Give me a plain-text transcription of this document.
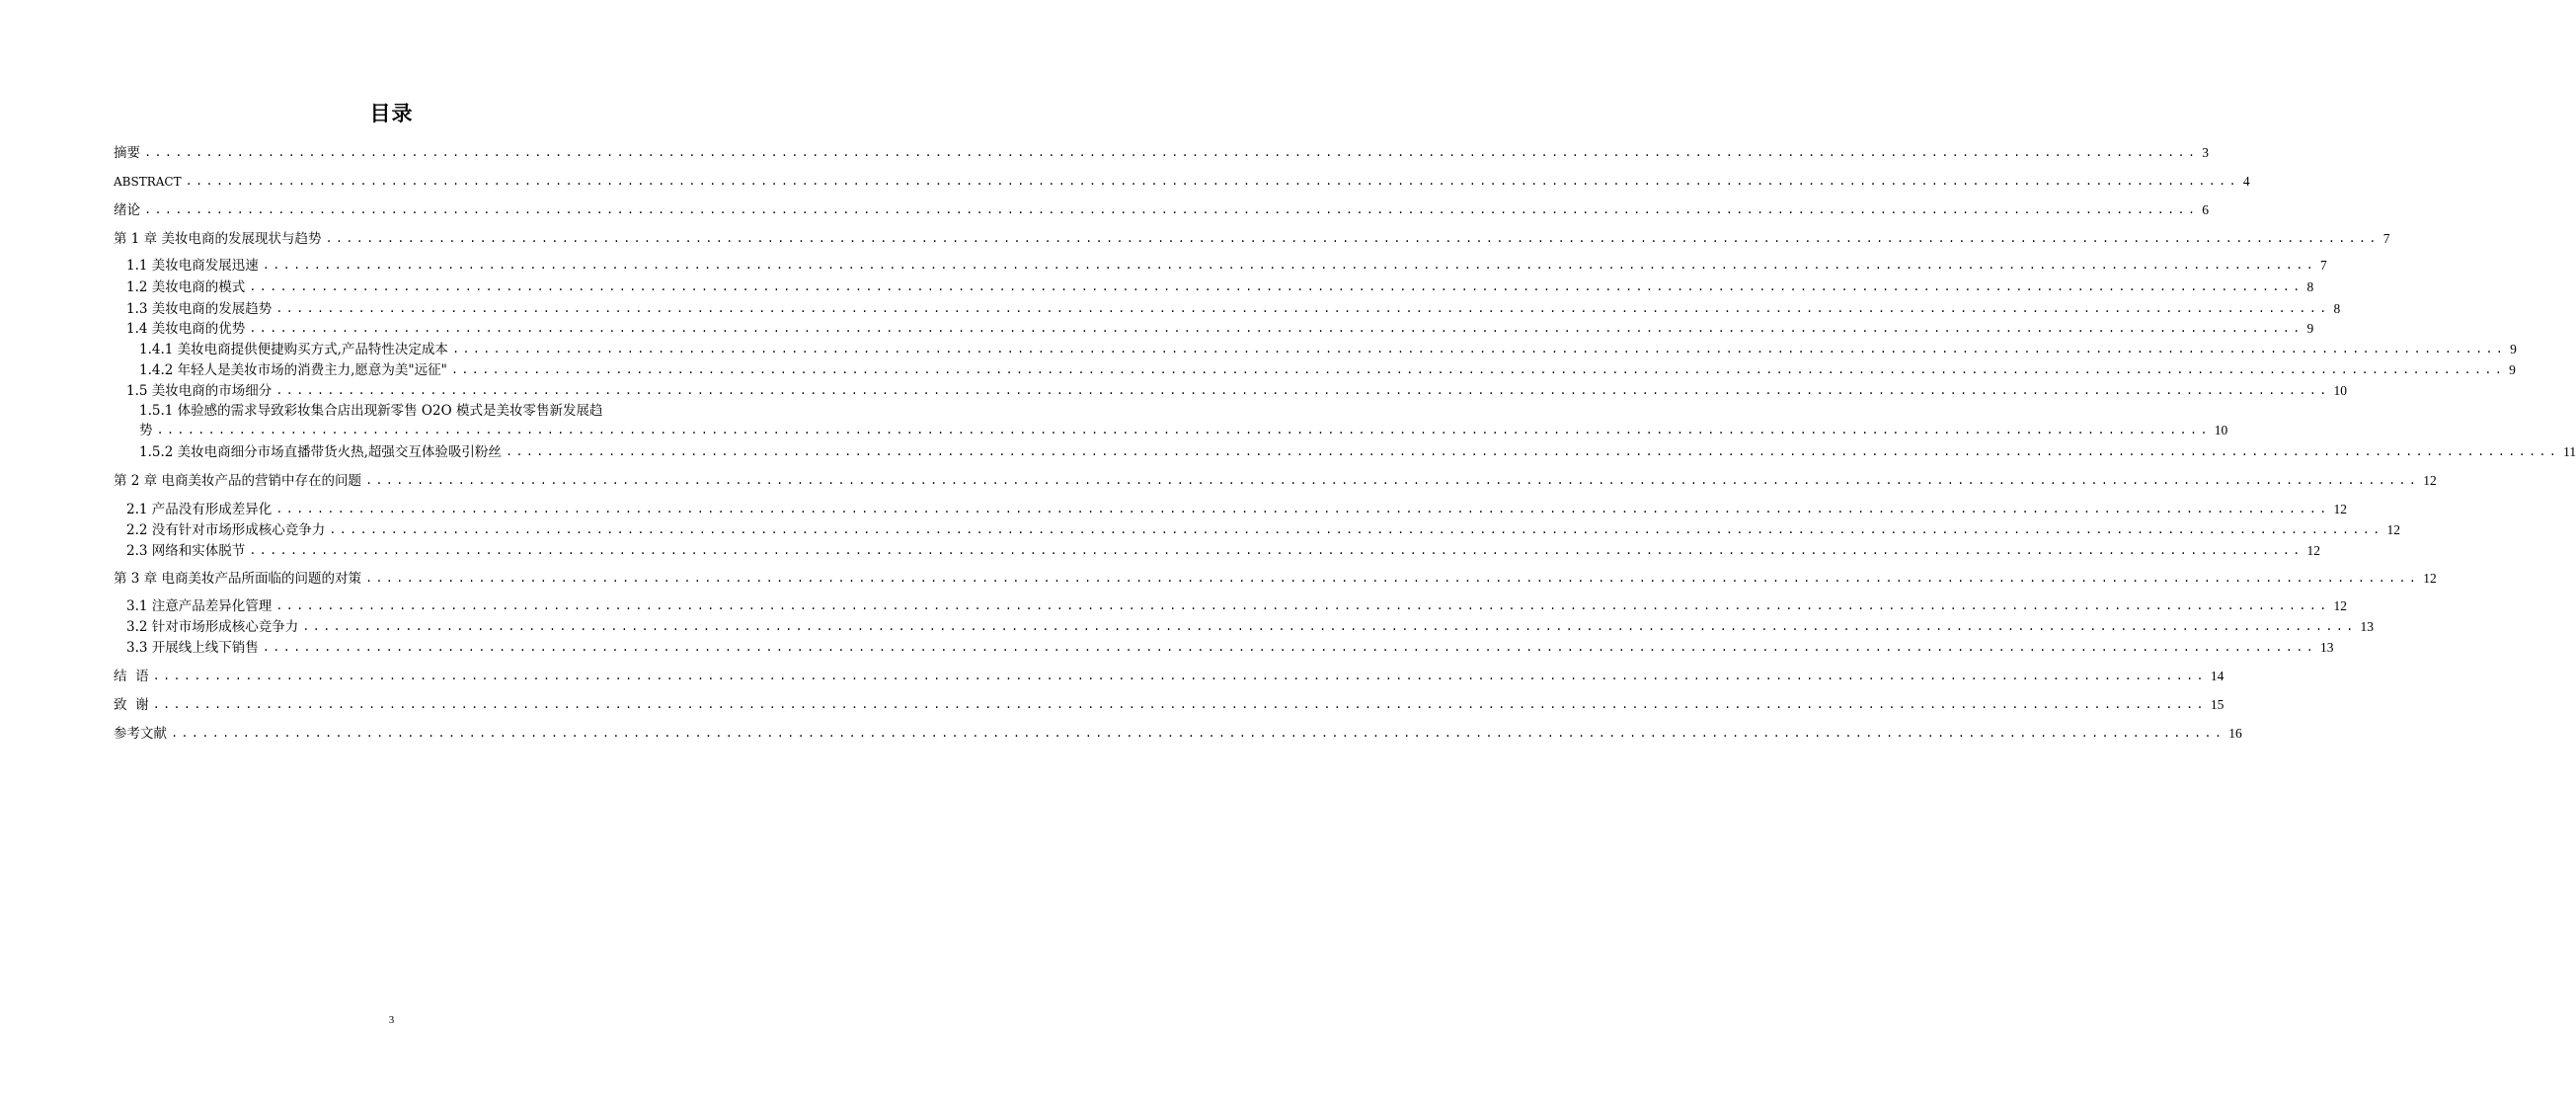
目录
摘要 ........................................................................................................................................................................................................ 3
ABSTRACT ........................................................................................................................................................................................................ 4
绪论 ........................................................................................................................................................................................................ 6
第 1 章 美妆电商的发展现状与趋势 ........................................................................................................................................................................................................ 7
1.1 美妆电商发展迅速 ........................................................................................................................................................................................................ 7
1.2 美妆电商的模式 ........................................................................................................................................................................................................ 8
1.3 美妆电商的发展趋势 ........................................................................................................................................................................................................ 8
1.4 美妆电商的优势 ........................................................................................................................................................................................................ 9
1.4.1 美妆电商提供便捷购买方式,产品特性决定成本 ........................................................................................................................................................................................................ 9
1.4.2 年轻人是美妆市场的消费主力,愿意为美"远征" ........................................................................................................................................................................................................ 9
1.5 美妆电商的市场细分 ........................................................................................................................................................................................................ 10
1.5.1 体验感的需求导致彩妆集合店出现新零售 O2O 模式是美妆零售新发展趋
势 ........................................................................................................................................................................................................ 10
1.5.2 美妆电商细分市场直播带货火热,超强交互体验吸引粉丝 ........................................................................................................................................................................................................ 11
第 2 章 电商美妆产品的营销中存在的问题 ........................................................................................................................................................................................................ 12
2.1 产品没有形成差异化 ........................................................................................................................................................................................................ 12
2.2 没有针对市场形成核心竞争力 ........................................................................................................................................................................................................ 12
2.3 网络和实体脱节 ........................................................................................................................................................................................................ 12
第 3 章 电商美妆产品所面临的问题的对策 ........................................................................................................................................................................................................ 12
3.1 注意产品差异化管理 ........................................................................................................................................................................................................ 12
3.2 针对市场形成核心竞争力 ........................................................................................................................................................................................................ 13
3.3 开展线上线下销售 ........................................................................................................................................................................................................ 13
结  语 ........................................................................................................................................................................................................ 14
致  谢 ........................................................................................................................................................................................................ 15
参考文献 ........................................................................................................................................................................................................ 16
3
